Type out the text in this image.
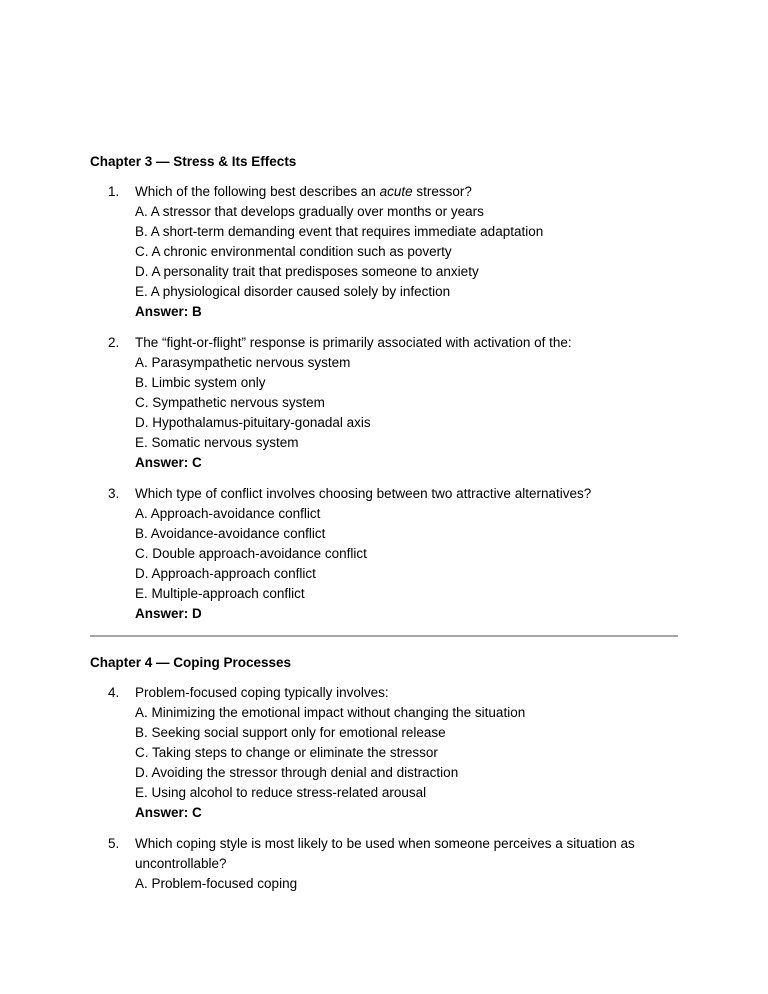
Chapter 3 — Stress & Its Effects
1.	Which of the following best describes an acute stressor?
A. A stressor that develops gradually over months or years
B. A short-term demanding event that requires immediate adaptation
C. A chronic environmental condition such as poverty
D. A personality trait that predisposes someone to anxiety
E. A physiological disorder caused solely by infection
Answer: B
2.	The “fight-or-flight” response is primarily associated with activation of the:
A. Parasympathetic nervous system
B. Limbic system only
C. Sympathetic nervous system
D. Hypothalamus-pituitary-gonadal axis
E. Somatic nervous system
Answer: C
3.	Which type of conflict involves choosing between two attractive alternatives?
A. Approach-avoidance conflict
B. Avoidance-avoidance conflict
C. Double approach-avoidance conflict
D. Approach-approach conflict
E. Multiple-approach conflict
Answer: D
Chapter 4 — Coping Processes
4.	Problem-focused coping typically involves:
A. Minimizing the emotional impact without changing the situation
B. Seeking social support only for emotional release
C. Taking steps to change or eliminate the stressor
D. Avoiding the stressor through denial and distraction
E. Using alcohol to reduce stress-related arousal
Answer: C
5.	Which coping style is most likely to be used when someone perceives a situation as uncontrollable?
A. Problem-focused coping
